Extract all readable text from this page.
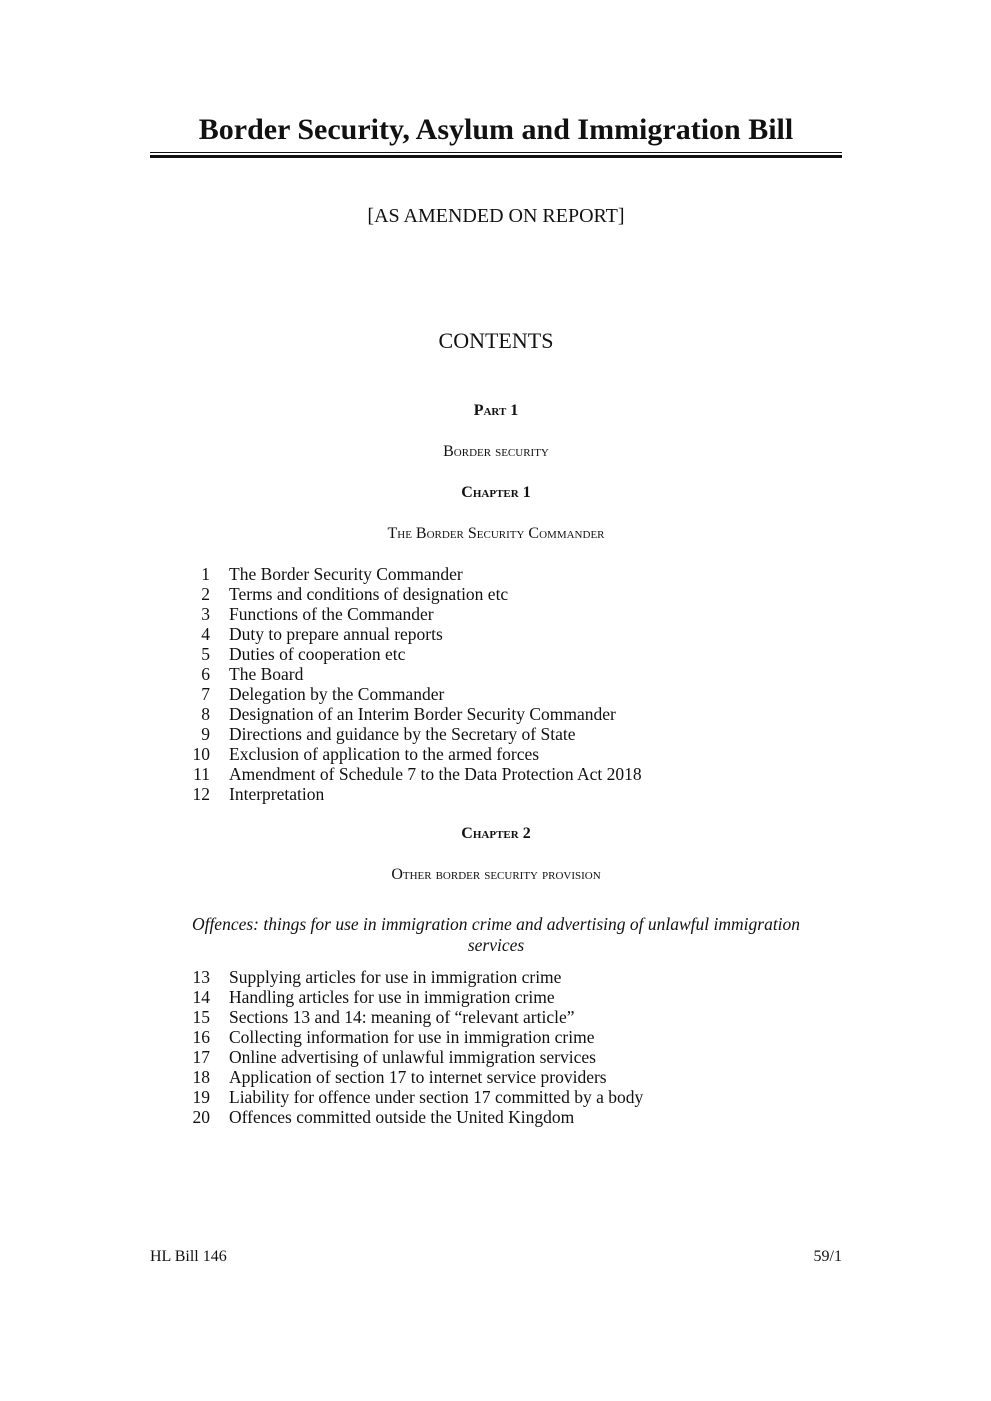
Border Security, Asylum and Immigration Bill
[AS AMENDED ON REPORT]
CONTENTS
Part 1
Border security
Chapter 1
The Border Security Commander
1 The Border Security Commander
2 Terms and conditions of designation etc
3 Functions of the Commander
4 Duty to prepare annual reports
5 Duties of cooperation etc
6 The Board
7 Delegation by the Commander
8 Designation of an Interim Border Security Commander
9 Directions and guidance by the Secretary of State
10 Exclusion of application to the armed forces
11 Amendment of Schedule 7 to the Data Protection Act 2018
12 Interpretation
Chapter 2
Other border security provision
Offences: things for use in immigration crime and advertising of unlawful immigration
services
13 Supplying articles for use in immigration crime
14 Handling articles for use in immigration crime
15 Sections 13 and 14: meaning of “relevant article”
16 Collecting information for use in immigration crime
17 Online advertising of unlawful immigration services
18 Application of section 17 to internet service providers
19 Liability for offence under section 17 committed by a body
20 Offences committed outside the United Kingdom
HL Bill 146	59/1
